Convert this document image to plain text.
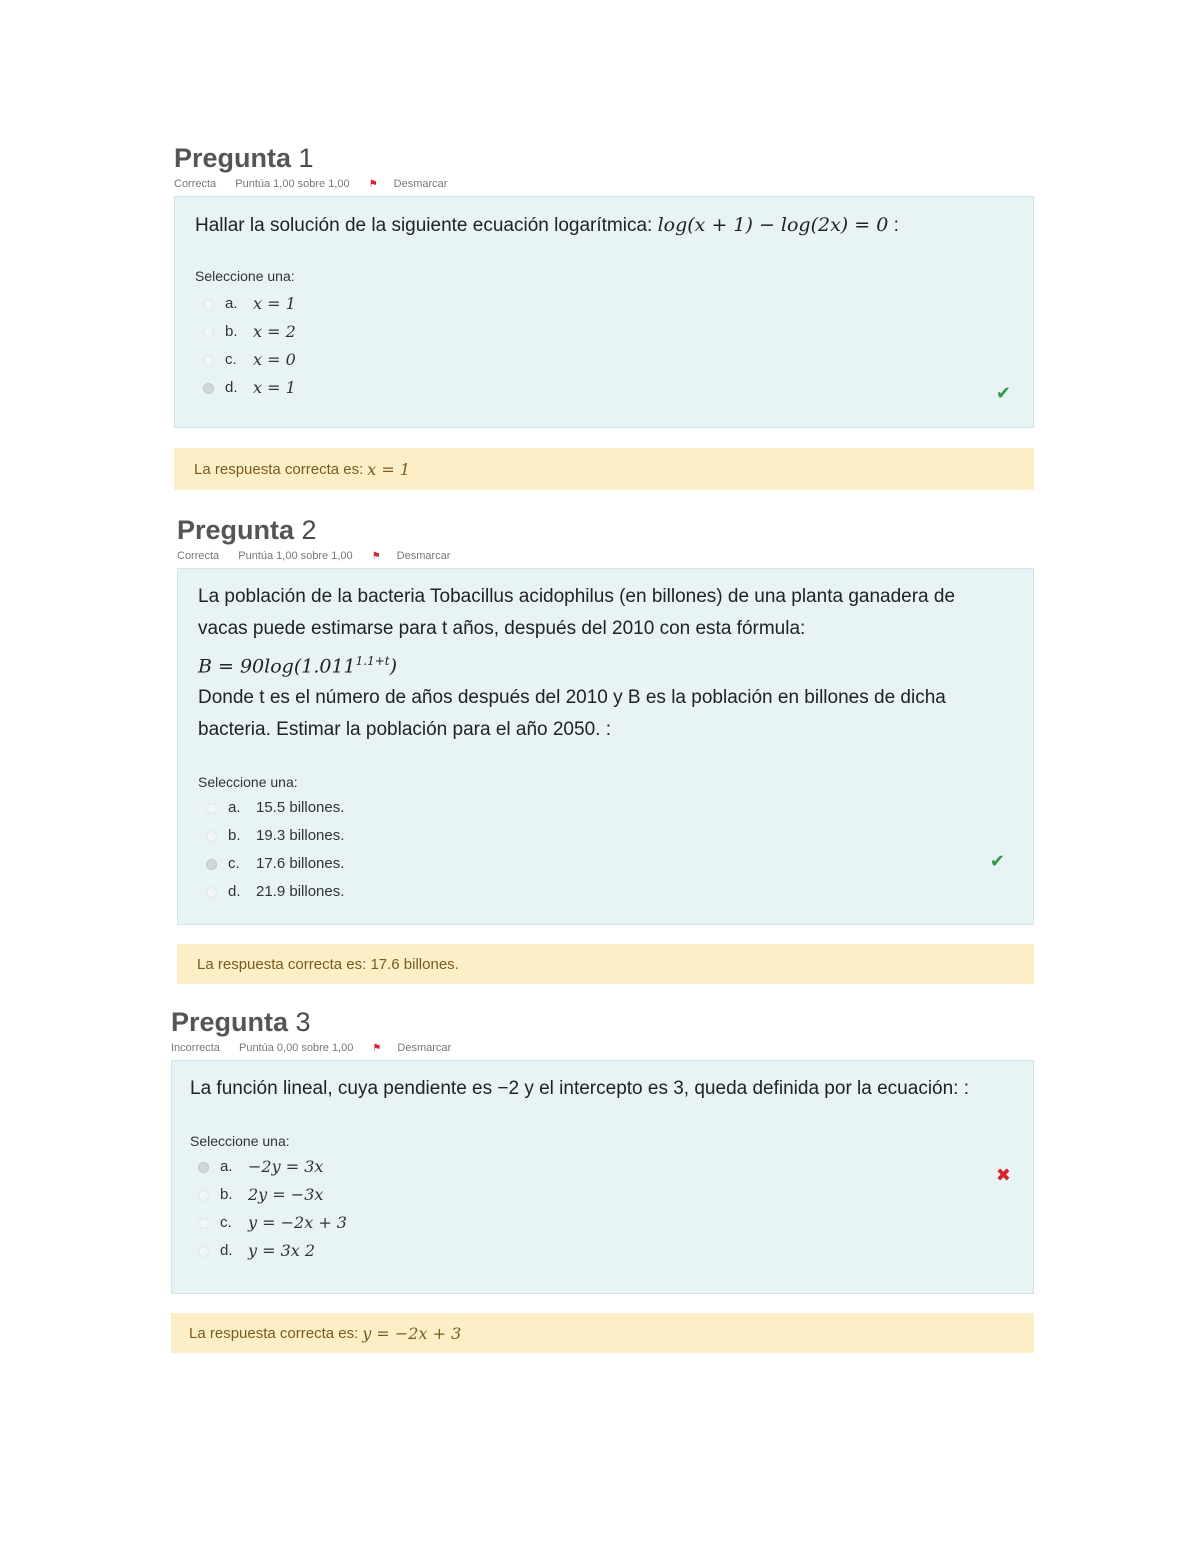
Pregunta 1
Correcta Puntúa 1,00 sobre 1,00 ⚑ Desmarcar
Hallar la solución de la siguiente ecuación logarítmica: log(x + 1) − log(2x) = 0 :
Seleccione una:
a. x = 1
b. x = 2
c.	x = 0
d. x = 1	✔
La respuesta correcta es: x = 1
Pregunta 2
Correcta Puntúa 1,00 sobre 1,00 ⚑ Desmarcar
La población de la bacteria Tobacillus acidophilus (en billones) de una planta ganadera de
vacas puede estimarse para t años, después del 2010 con esta fórmula:
$B = 90\log(1.011^{1.1+t})$
Donde t es el número de años después del 2010 y B es la población en billones de dicha
bacteria. Estimar la población para el año 2050. :
Seleccione una:
a.	15.5 billones.
b.	19.3 billones.
c.	17.6 billones.
d.	21.9 billones.
✔
La respuesta correcta es:
17.6 billones.
Pregunta 3
Incorrecta Puntúa 0,00 sobre 1,00 ⚑ Desmarcar
La función lineal, cuya pendiente es −2 y el intercepto es 3, queda definida por la ecuación: :
Seleccione una:
a. −2y = 3x
b. 2y = −3x
c.	y = −2x + 3
d. y = 3x 2
✖
La respuesta correcta es: y = −2x + 3
